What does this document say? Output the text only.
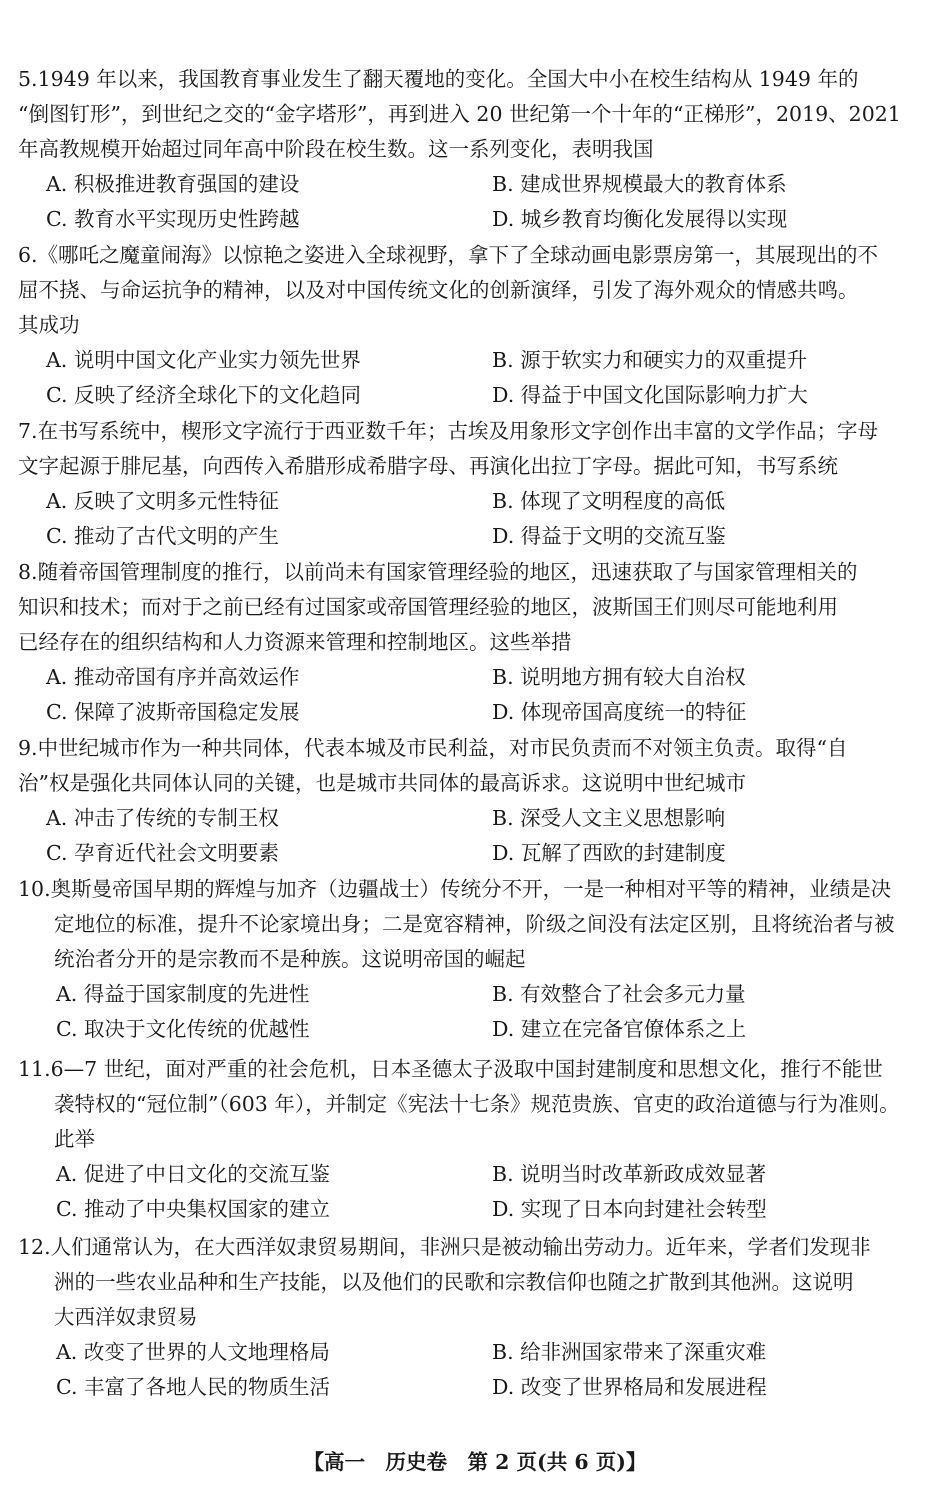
5.1949 年以来，我国教育事业发生了翻天覆地的变化。全国大中小在校生结构从 1949 年的
“倒图钉形”，到世纪之交的“金字塔形”，再到进入 20 世纪第一个十年的“正梯形”，2019、2021
年高教规模开始超过同年高中阶段在校生数。这一系列变化，表明我国
A. 积极推进教育强国的建设	B. 建成世界规模最大的教育体系
C. 教育水平实现历史性跨越	D. 城乡教育均衡化发展得以实现
6.《哪吒之魔童闹海》以惊艳之姿进入全球视野，拿下了全球动画电影票房第一，其展现出的不
屈不挠、与命运抗争的精神，以及对中国传统文化的创新演绎，引发了海外观众的情感共鸣。
其成功
A. 说明中国文化产业实力领先世界	B. 源于软实力和硬实力的双重提升
C. 反映了经济全球化下的文化趋同	D. 得益于中国文化国际影响力扩大
7.在书写系统中，楔形文字流行于西亚数千年；古埃及用象形文字创作出丰富的文学作品；字母
文字起源于腓尼基，向西传入希腊形成希腊字母、再演化出拉丁字母。据此可知，书写系统
A. 反映了文明多元性特征	B. 体现了文明程度的高低
C. 推动了古代文明的产生	D. 得益于文明的交流互鉴
8.随着帝国管理制度的推行，以前尚未有国家管理经验的地区，迅速获取了与国家管理相关的
知识和技术；而对于之前已经有过国家或帝国管理经验的地区，波斯国王们则尽可能地利用
已经存在的组织结构和人力资源来管理和控制地区。这些举措
A. 推动帝国有序并高效运作	B. 说明地方拥有较大自治权
C. 保障了波斯帝国稳定发展	D. 体现帝国高度统一的特征
9.中世纪城市作为一种共同体，代表本城及市民利益，对市民负责而不对领主负责。取得“自
治”权是强化共同体认同的关键，也是城市共同体的最高诉求。这说明中世纪城市
A. 冲击了传统的专制王权	B. 深受人文主义思想影响
C. 孕育近代社会文明要素	D. 瓦解了西欧的封建制度
10.奥斯曼帝国早期的辉煌与加齐（边疆战士）传统分不开，一是一种相对平等的精神，业绩是决
定地位的标准，提升不论家境出身；二是宽容精神，阶级之间没有法定区别，且将统治者与被
统治者分开的是宗教而不是种族。这说明帝国的崛起
A. 得益于国家制度的先进性	B. 有效整合了社会多元力量
C. 取决于文化传统的优越性	D. 建立在完备官僚体系之上
11.6—7 世纪，面对严重的社会危机，日本圣德太子汲取中国封建制度和思想文化，推行不能世
袭特权的“冠位制”（603 年），并制定《宪法十七条》规范贵族、官吏的政治道德与行为准则。
此举
A. 促进了中日文化的交流互鉴	B. 说明当时改革新政成效显著
C. 推动了中央集权国家的建立	D. 实现了日本向封建社会转型
12.人们通常认为，在大西洋奴隶贸易期间，非洲只是被动输出劳动力。近年来，学者们发现非
洲的一些农业品种和生产技能，以及他们的民歌和宗教信仰也随之扩散到其他洲。这说明
大西洋奴隶贸易
A. 改变了世界的人文地理格局	B. 给非洲国家带来了深重灾难
C. 丰富了各地人民的物质生活	D. 改变了世界格局和发展进程
【高一　历史卷　第 2 页(共 6 页)】
